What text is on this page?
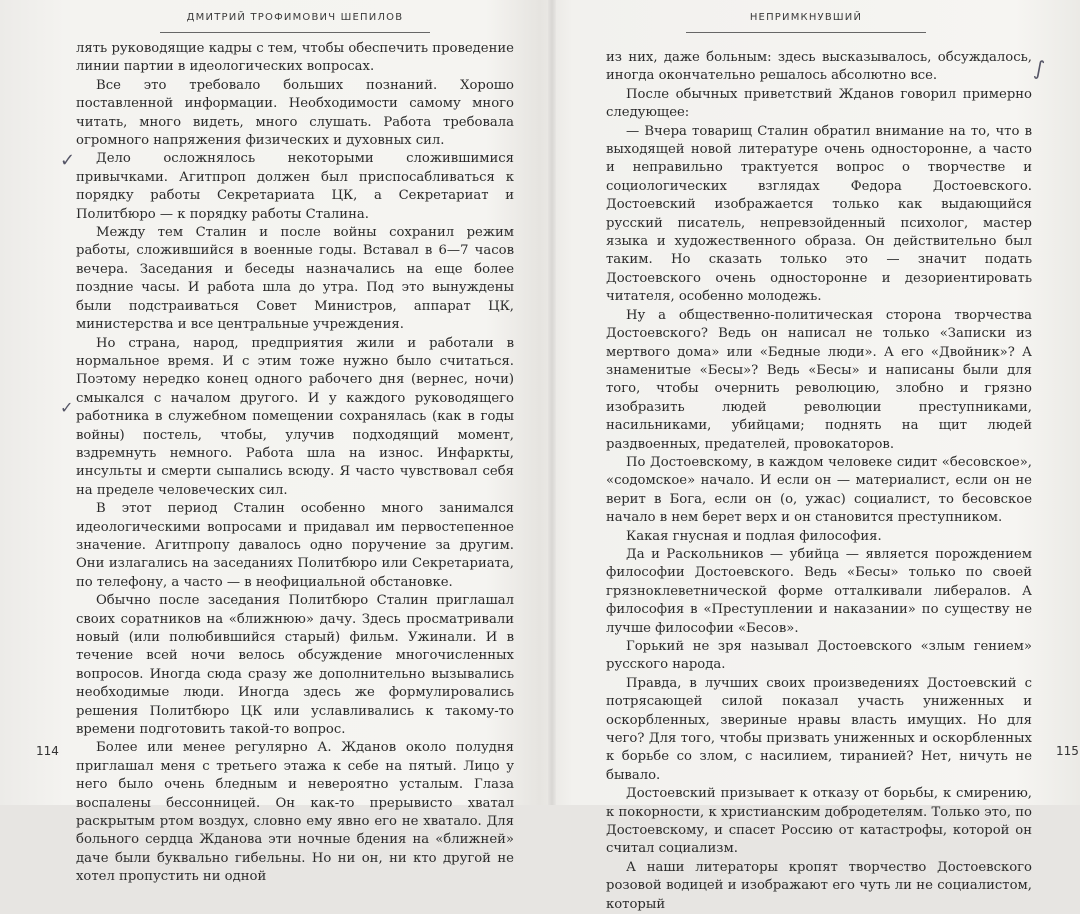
ДМИТРИЙ ТРОФИМОВИЧ ШЕПИЛОВ

лять руководящие кадры с тем, чтобы обеспечить проведение линии партии в идеологических вопросах.

Все это требовало больших познаний. Хорошо поставленной информации. Необходимости самому много читать, много видеть, много слушать. Работа требовала огромного напряжения физических и духовных сил.

Дело осложнялось некоторыми сложившимися привычками. Агитпроп должен был приспосабливаться к порядку работы Секретариата ЦК, а Секретариат и Политбюро — к порядку работы Сталина.

Между тем Сталин и после войны сохранил режим работы, сложившийся в военные годы. Вставал в 6—7 часов вечера. Заседания и беседы назначались на еще более поздние часы. И работа шла до утра. Под это вынуждены были подстраиваться Совет Министров, аппарат ЦК, министерства и все центральные учреждения.

Но страна, народ, предприятия жили и работали в нормальное время. И с этим тоже нужно было считаться. Поэтому нередко конец одного рабочего дня (вернес, ночи) смыкался с началом другого. И у каждого руководящего работника в служебном помещении сохранялась (как в годы войны) постель, чтобы, улучив подходящий момент, вздремнуть немного. Работа шла на износ. Инфаркты, инсульты и смерти сыпались всюду. Я часто чувствовал себя на пределе человеческих сил.

В этот период Сталин особенно много занимался идеологическими вопросами и придавал им первостепенное значение. Агитпропу давалось одно поручение за другим. Они излагались на заседаниях Политбюро или Секретариата, по телефону, а часто — в неофициальной обстановке.

Обычно после заседания Политбюро Сталин приглашал своих соратников на «ближнюю» дачу. Здесь просматривали новый (или полюбившийся старый) фильм. Ужинали. И в течение всей ночи велось обсуждение многочисленных вопросов. Иногда сюда сразу же дополнительно вызывались необходимые люди. Иногда здесь же формулировались решения Политбюро ЦК или уславливались к такому-то времени подготовить такой-то вопрос.

Более или менее регулярно А. Жданов около полудня приглашал меня с третьего этажа к себе на пятый. Лицо у него было очень бледным и невероятно усталым. Глаза воспалены бессонницей. Он как-то прерывисто хватал раскрытым ртом воздух, словно ему явно его не хватало. Для больного сердца Жданова эти ночные бдения на «ближней» даче были буквально гибельны. Но ни он, ни кто другой не хотел пропустить ни одной

✓
✓
114
НЕПРИМКНУВШИЙ

из них, даже больным: здесь высказывалось, обсуждалось, иногда окончательно решалось абсолютно все.

После обычных приветствий Жданов говорил примерно следующее:

— Вчера товарищ Сталин обратил внимание на то, что в выходящей новой литературе очень односторонне, а часто и неправильно трактуется вопрос о творчестве и социологических взглядах Федора Достоевского. Достоевский изображается только как выдающийся русский писатель, непревзойденный психолог, мастер языка и художественного образа. Он действительно был таким. Но сказать только это — значит подать Достоевского очень односторонне и дезориентировать читателя, особенно молодежь.

Ну а общественно-политическая сторона творчества Достоевского? Ведь он написал не только «Записки из мертвого дома» или «Бедные люди». А его «Двойник»? А знаменитые «Бесы»? Ведь «Бесы» и написаны были для того, чтобы очернить революцию, злобно и грязно изобразить людей революции преступниками, насильниками, убийцами; поднять на щит людей раздвоенных, предателей, провокаторов.

По Достоевскому, в каждом человеке сидит «бесовское», «содомское» начало. И если он — материалист, если он не верит в Бога, если он (о, ужас) социалист, то бесовское начало в нем берет верх и он становится преступником.

Какая гнусная и подлая философия.

Да и Раскольников — убийца — является порождением философии Достоевского. Ведь «Бесы» только по своей грязноклеветнической форме отталкивали либералов. А философия в «Преступлении и наказании» по существу не лучше философии «Бесов».

Горький не зря называл Достоевского «злым гением» русского народа.

Правда, в лучших своих произведениях Достоевский с потрясающей силой показал участь униженных и оскорбленных, звериные нравы власть имущих. Но для чего? Для того, чтобы призвать униженных и оскорбленных к борьбе со злом, с насилием, тиранией? Нет, ничуть не бывало.

Достоевский призывает к отказу от борьбы, к смирению, к покорности, к христианским добродетелям. Только это, по Достоевскому, и спасет Россию от катастрофы, которой он считал социализм.

А наши литераторы кропят творчество Достоевского розовой водицей и изображают его чуть ли не социалистом, который

∫
115
